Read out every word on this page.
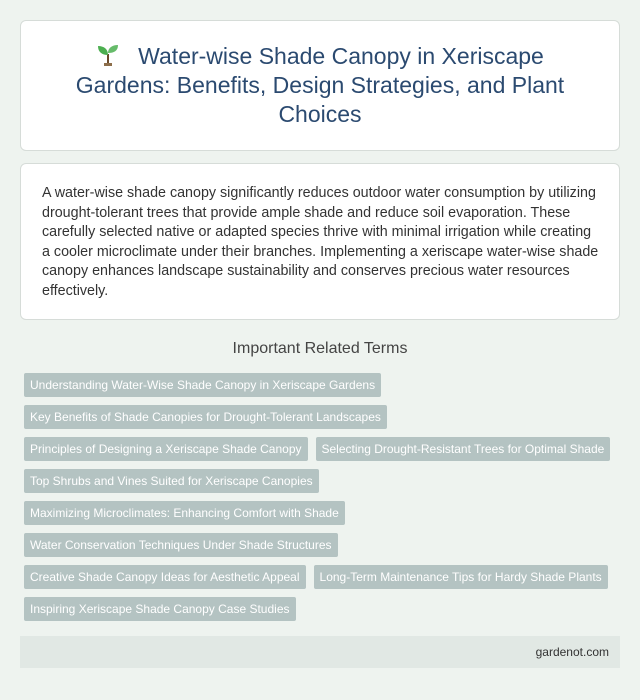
Water-wise Shade Canopy in Xeriscape Gardens: Benefits, Design Strategies, and Plant Choices

A water-wise shade canopy significantly reduces outdoor water consumption by utilizing drought-tolerant trees that provide ample shade and reduce soil evaporation. These carefully selected native or adapted species thrive with minimal irrigation while creating a cooler microclimate under their branches. Implementing a xeriscape water-wise shade canopy enhances landscape sustainability and conserves precious water resources effectively.

Important Related Terms
Understanding Water-Wise Shade Canopy in Xeriscape Gardens
Key Benefits of Shade Canopies for Drought-Tolerant Landscapes
Principles of Designing a Xeriscape Shade Canopy	Selecting Drought-Resistant Trees for Optimal Shade
Top Shrubs and Vines Suited for Xeriscape Canopies
Maximizing Microclimates: Enhancing Comfort with Shade
Water Conservation Techniques Under Shade Structures
Creative Shade Canopy Ideas for Aesthetic Appeal	Long-Term Maintenance Tips for Hardy Shade Plants
Inspiring Xeriscape Shade Canopy Case Studies
gardenot.com
